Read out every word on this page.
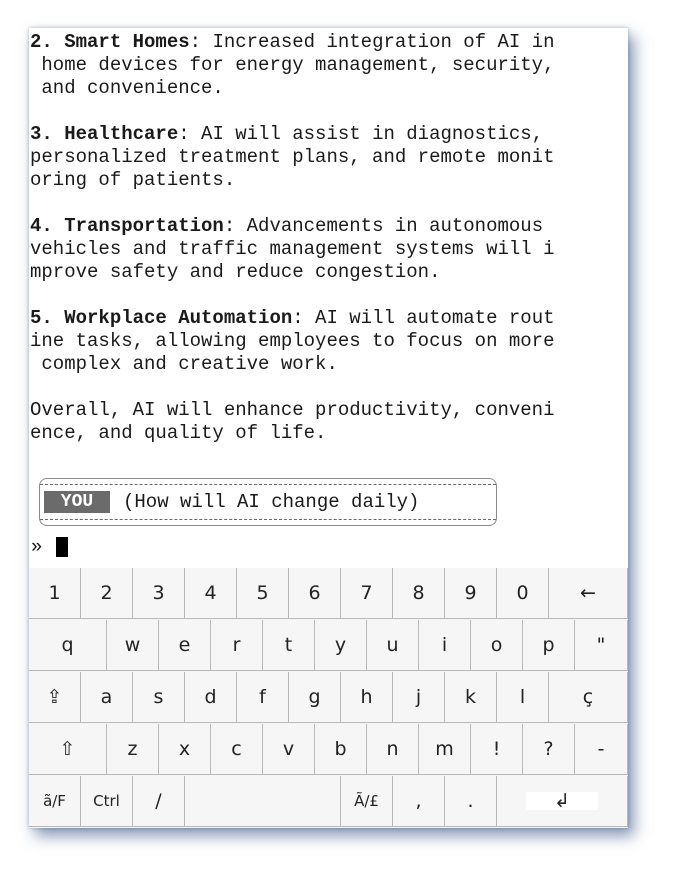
2. Smart Homes: Increased integration of AI in
home devices for energy management, security,
and convenience.
3. Healthcare: AI will assist in diagnostics,
personalized treatment plans, and remote monit
oring of patients.
4. Transportation: Advancements in autonomous
vehicles and traffic management systems will i
mprove safety and reduce congestion.
5. Workplace Automation: AI will automate rout
ine tasks, allowing employees to focus on more
complex and creative work.
Overall, AI will enhance productivity, conveni
ence, and quality of life.
YOU	(How will AI change daily)
»
1 2 3 4 5 6 7 8 9 0	←
q	w e r t y u i o p "
⇪ a s d f g h j k l	ç
⇧	z x c v b n m ! ? -
ã/F Ctrl /	Ã/£ , .	↲
